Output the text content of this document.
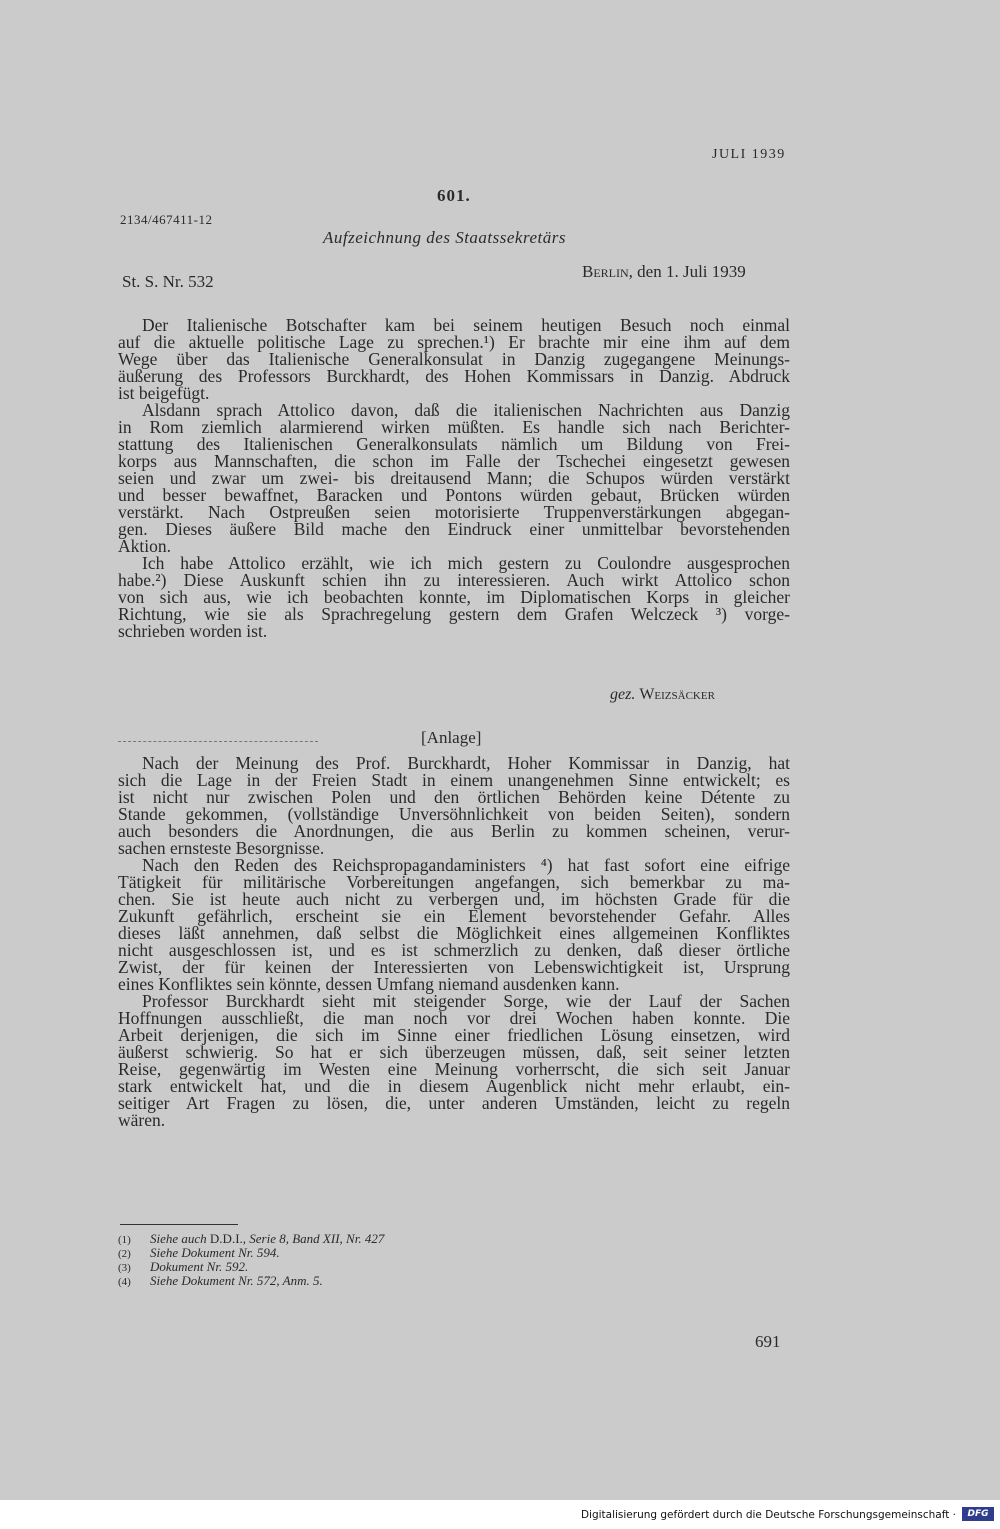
JULI 1939
601.
2134/467411-12
Aufzeichnung des Staatssekretärs
St. S. Nr. 532
Berlin, den 1. Juli 1939
Der Italienische Botschafter kam bei seinem heutigen Besuch noch einmal
auf die aktuelle politische Lage zu sprechen.¹) Er brachte mir eine ihm auf dem
Wege über das Italienische Generalkonsulat in Danzig zugegangene Meinungs-
äußerung des Professors Burckhardt, des Hohen Kommissars in Danzig. Abdruck
ist beigefügt.
Alsdann sprach Attolico davon, daß die italienischen Nachrichten aus Danzig
in Rom ziemlich alarmierend wirken müßten. Es handle sich nach Berichter-
stattung des Italienischen Generalkonsulats nämlich um Bildung von Frei-
korps aus Mannschaften, die schon im Falle der Tschechei eingesetzt gewesen
seien und zwar um zwei- bis dreitausend Mann; die Schupos würden verstärkt
und besser bewaffnet, Baracken und Pontons würden gebaut, Brücken würden
verstärkt. Nach Ostpreußen seien motorisierte Truppenverstärkungen abgegan-
gen. Dieses äußere Bild mache den Eindruck einer unmittelbar bevorstehenden
Aktion.
Ich habe Attolico erzählt, wie ich mich gestern zu Coulondre ausgesprochen
habe.²) Diese Auskunft schien ihn zu interessieren. Auch wirkt Attolico schon
von sich aus, wie ich beobachten konnte, im Diplomatischen Korps in gleicher
Richtung, wie sie als Sprachregelung gestern dem Grafen Welczeck ³) vorge-
schrieben worden ist.
gez. Weizsäcker
[Anlage]
Nach der Meinung des Prof. Burckhardt, Hoher Kommissar in Danzig, hat
sich die Lage in der Freien Stadt in einem unangenehmen Sinne entwickelt; es
ist nicht nur zwischen Polen und den örtlichen Behörden keine Détente zu
Stande gekommen, (vollständige Unversöhnlichkeit von beiden Seiten), sondern
auch besonders die Anordnungen, die aus Berlin zu kommen scheinen, verur-
sachen ernsteste Besorgnisse.
Nach den Reden des Reichspropagandaministers ⁴) hat fast sofort eine eifrige
Tätigkeit für militärische Vorbereitungen angefangen, sich bemerkbar zu ma-
chen. Sie ist heute auch nicht zu verbergen und, im höchsten Grade für die
Zukunft gefährlich, erscheint sie ein Element bevorstehender Gefahr. Alles
dieses läßt annehmen, daß selbst die Möglichkeit eines allgemeinen Konfliktes
nicht ausgeschlossen ist, und es ist schmerzlich zu denken, daß dieser örtliche
Zwist, der für keinen der Interessierten von Lebenswichtigkeit ist, Ursprung
eines Konfliktes sein könnte, dessen Umfang niemand ausdenken kann.
Professor Burckhardt sieht mit steigender Sorge, wie der Lauf der Sachen
Hoffnungen ausschließt, die man noch vor drei Wochen haben konnte. Die
Arbeit derjenigen, die sich im Sinne einer friedlichen Lösung einsetzen, wird
äußerst schwierig. So hat er sich überzeugen müssen, daß, seit seiner letzten
Reise, gegenwärtig im Westen eine Meinung vorherrscht, die sich seit Januar
stark entwickelt hat, und die in diesem Augenblick nicht mehr erlaubt, ein-
seitiger Art Fragen zu lösen, die, unter anderen Umständen, leicht zu regeln
wären.
(1) Siehe auch D.D.I., Serie 8, Band XII, Nr. 427
(2) Siehe Dokument Nr. 594.
(3) Dokument Nr. 592.
(4) Siehe Dokument Nr. 572, Anm. 5.
691
Digitalisierung gefördert durch die Deutsche Forschungsgemeinschaft ·	DFG
